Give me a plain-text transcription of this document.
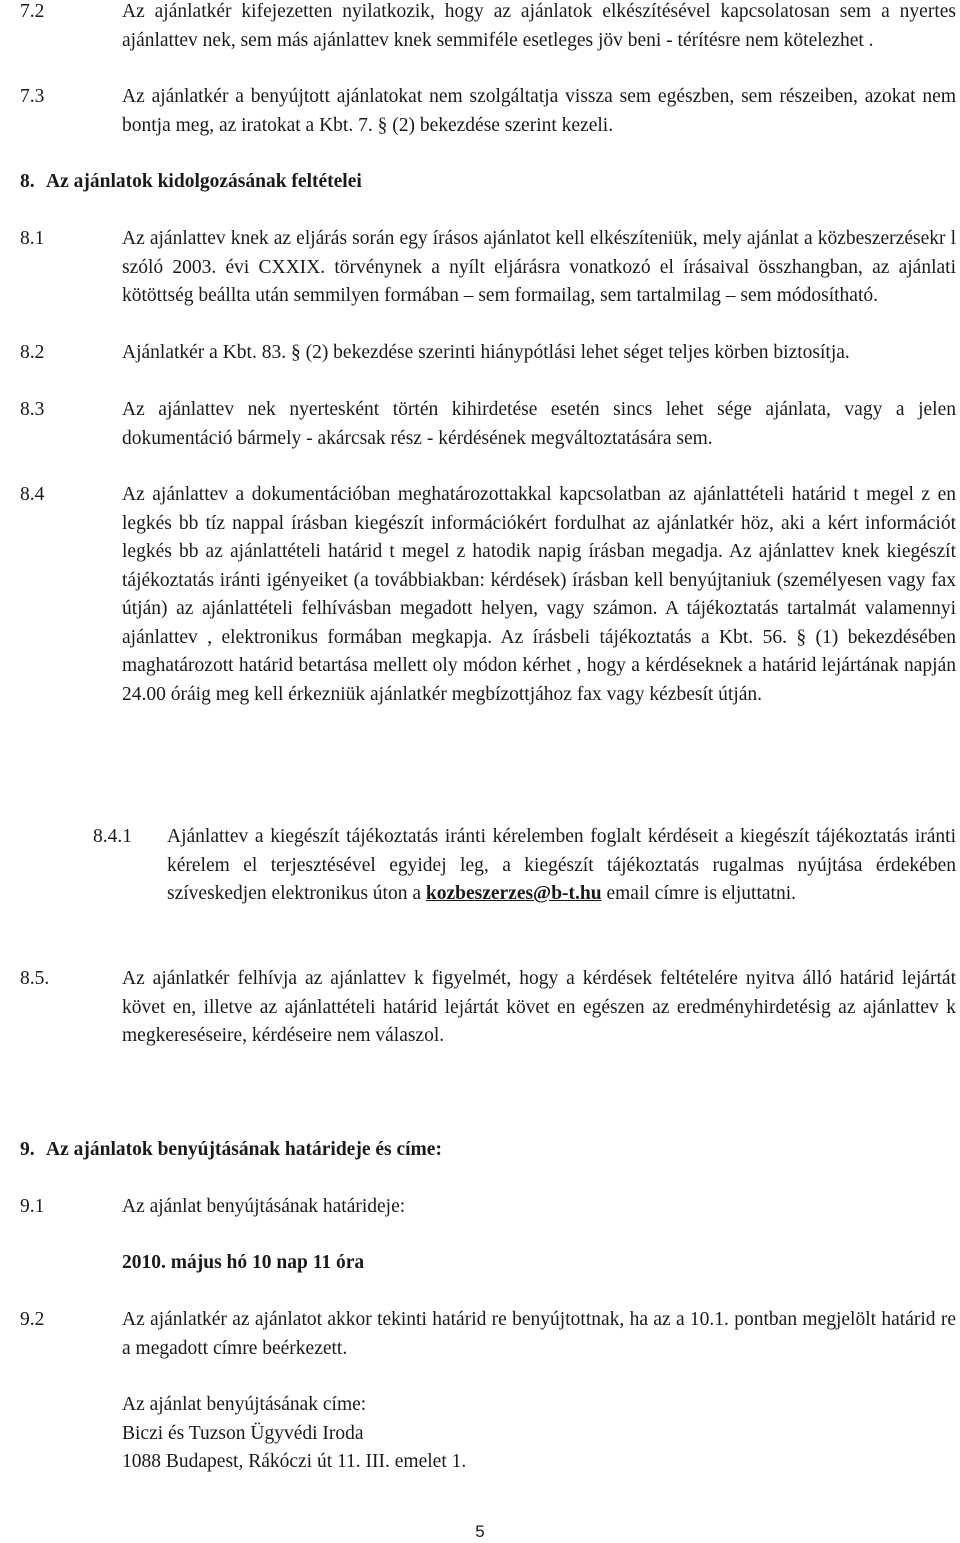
7.2	Az ajánlatkér kifejezetten nyilatkozik, hogy az ajánlatok elkészítésével kapcsolatosan sem a nyertes ajánlattev nek, sem más ajánlattev knek semmiféle esetleges jöv beni - térítésre nem kötelezhet .
7.3	Az ajánlatkér a benyújtott ajánlatokat nem szolgáltatja vissza sem egészben, sem részeiben, azokat nem bontja meg, az iratokat a Kbt. 7. § (2) bekezdése szerint kezeli.
8. Az ajánlatok kidolgozásának feltételei
8.1	Az ajánlattev knek az eljárás során egy írásos ajánlatot kell elkészíteniük, mely ajánlat a közbeszerzésekr l szóló 2003. évi CXXIX. törvénynek a nyílt eljárásra vonatkozó el írásaival összhangban, az ajánlati kötöttség beállta után semmilyen formában – sem formailag, sem tartalmilag – sem módosítható.
8.2	Ajánlatkér a Kbt. 83. § (2) bekezdése szerinti hiánypótlási lehet séget teljes körben biztosítja.
8.3	Az ajánlattev nek nyertesként történ kihirdetése esetén sincs lehet sége ajánlata, vagy a jelen dokumentáció bármely - akárcsak rész - kérdésének megváltoztatására sem.
8.4	Az ajánlattev a dokumentációban meghatározottakkal kapcsolatban az ajánlattételi határid t megel z en legkés bb tíz nappal írásban kiegészít információkért fordulhat az ajánlatkér höz, aki a kért információt legkés bb az ajánlattételi határid t megel z hatodik napig írásban megadja. Az ajánlattev knek kiegészít tájékoztatás iránti igényeiket (a továbbiakban: kérdések) írásban kell benyújtaniuk (személyesen vagy fax útján) az ajánlattételi felhívásban megadott helyen, vagy számon. A tájékoztatás tartalmát valamennyi ajánlattev , elektronikus formában megkapja. Az írásbeli tájékoztatás a Kbt. 56. § (1) bekezdésében maghatározott határid betartása mellett oly módon kérhet , hogy a kérdéseknek a határid lejártának napján 24.00 óráig meg kell érkezniük ajánlatkér megbízottjához fax vagy kézbesít útján.
8.4.1 Ajánlattev a kiegészít tájékoztatás iránti kérelemben foglalt kérdéseit a kiegészít tájékoztatás iránti kérelem el terjesztésével egyidej leg, a kiegészít tájékoztatás rugalmas nyújtása érdekében szíveskedjen elektronikus úton a kozbeszerzes@b-t.hu email címre is eljuttatni.
8.5.	Az ajánlatkér felhívja az ajánlattev k figyelmét, hogy a kérdések feltételére nyitva álló határid lejártát követ en, illetve az ajánlattételi határid lejártát követ en egészen az eredményhirdetésig az ajánlattev k megkereséseire, kérdéseire nem válaszol.
9. Az ajánlatok benyújtásának határideje és címe:
9.1	Az ajánlat benyújtásának határideje:
2010. május hó 10 nap 11 óra
9.2	Az ajánlatkér az ajánlatot akkor tekinti határid re benyújtottnak, ha az a 10.1. pontban megjelölt határid re a megadott címre beérkezett.
Az ajánlat benyújtásának címe:
Biczi és Tuzson Ügyvédi Iroda
1088 Budapest, Rákóczi út 11. III. emelet 1.
5
